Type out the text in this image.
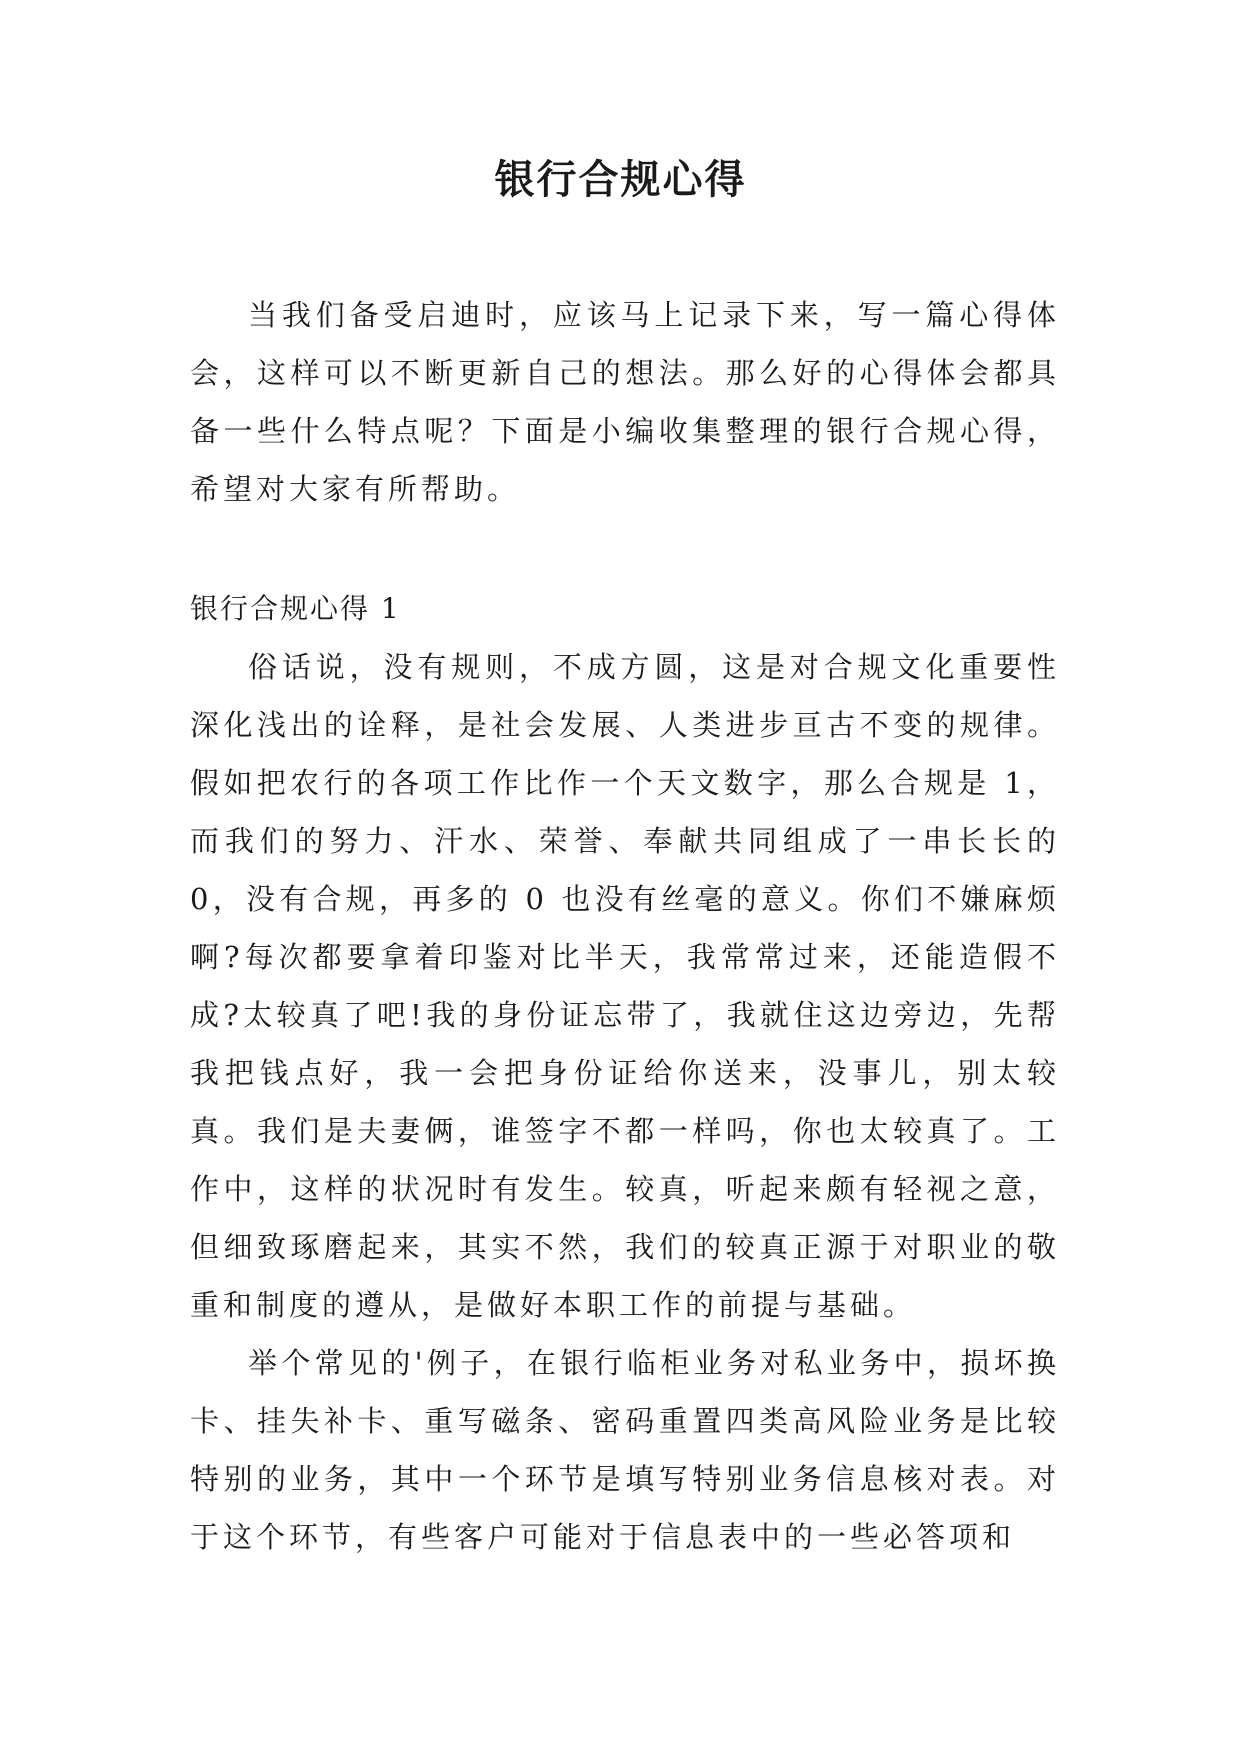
银行合规心得

当我们备受启迪时，应该马上记录下来，写一篇心得体会，这样可以不断更新自己的想法。那么好的心得体会都具备一些什么特点呢？下面是小编收集整理的银行合规心得，希望对大家有所帮助。

银行合规心得 1

俗话说，没有规则，不成方圆，这是对合规文化重要性深化浅出的诠释，是社会发展、人类进步亘古不变的规律。假如把农行的各项工作比作一个天文数字，那么合规是 1，而我们的努力、汗水、荣誉、奉献共同组成了一串长长的 0，没有合规，再多的 0 也没有丝毫的意义。你们不嫌麻烦啊?每次都要拿着印鉴对比半天，我常常过来，还能造假不成?太较真了吧!我的身份证忘带了，我就住这边旁边，先帮我把钱点好，我一会把身份证给你送来，没事儿，别太较真。我们是夫妻俩，谁签字不都一样吗，你也太较真了。工作中，这样的状况时有发生。较真，听起来颇有轻视之意，但细致琢磨起来，其实不然，我们的较真正源于对职业的敬重和制度的遵从，是做好本职工作的前提与基础。

举个常见的'例子，在银行临柜业务对私业务中，损坏换卡、挂失补卡、重写磁条、密码重置四类高风险业务是比较特别的业务，其中一个环节是填写特别业务信息核对表。对于这个环节，有些客户可能对于信息表中的一些必答项和
